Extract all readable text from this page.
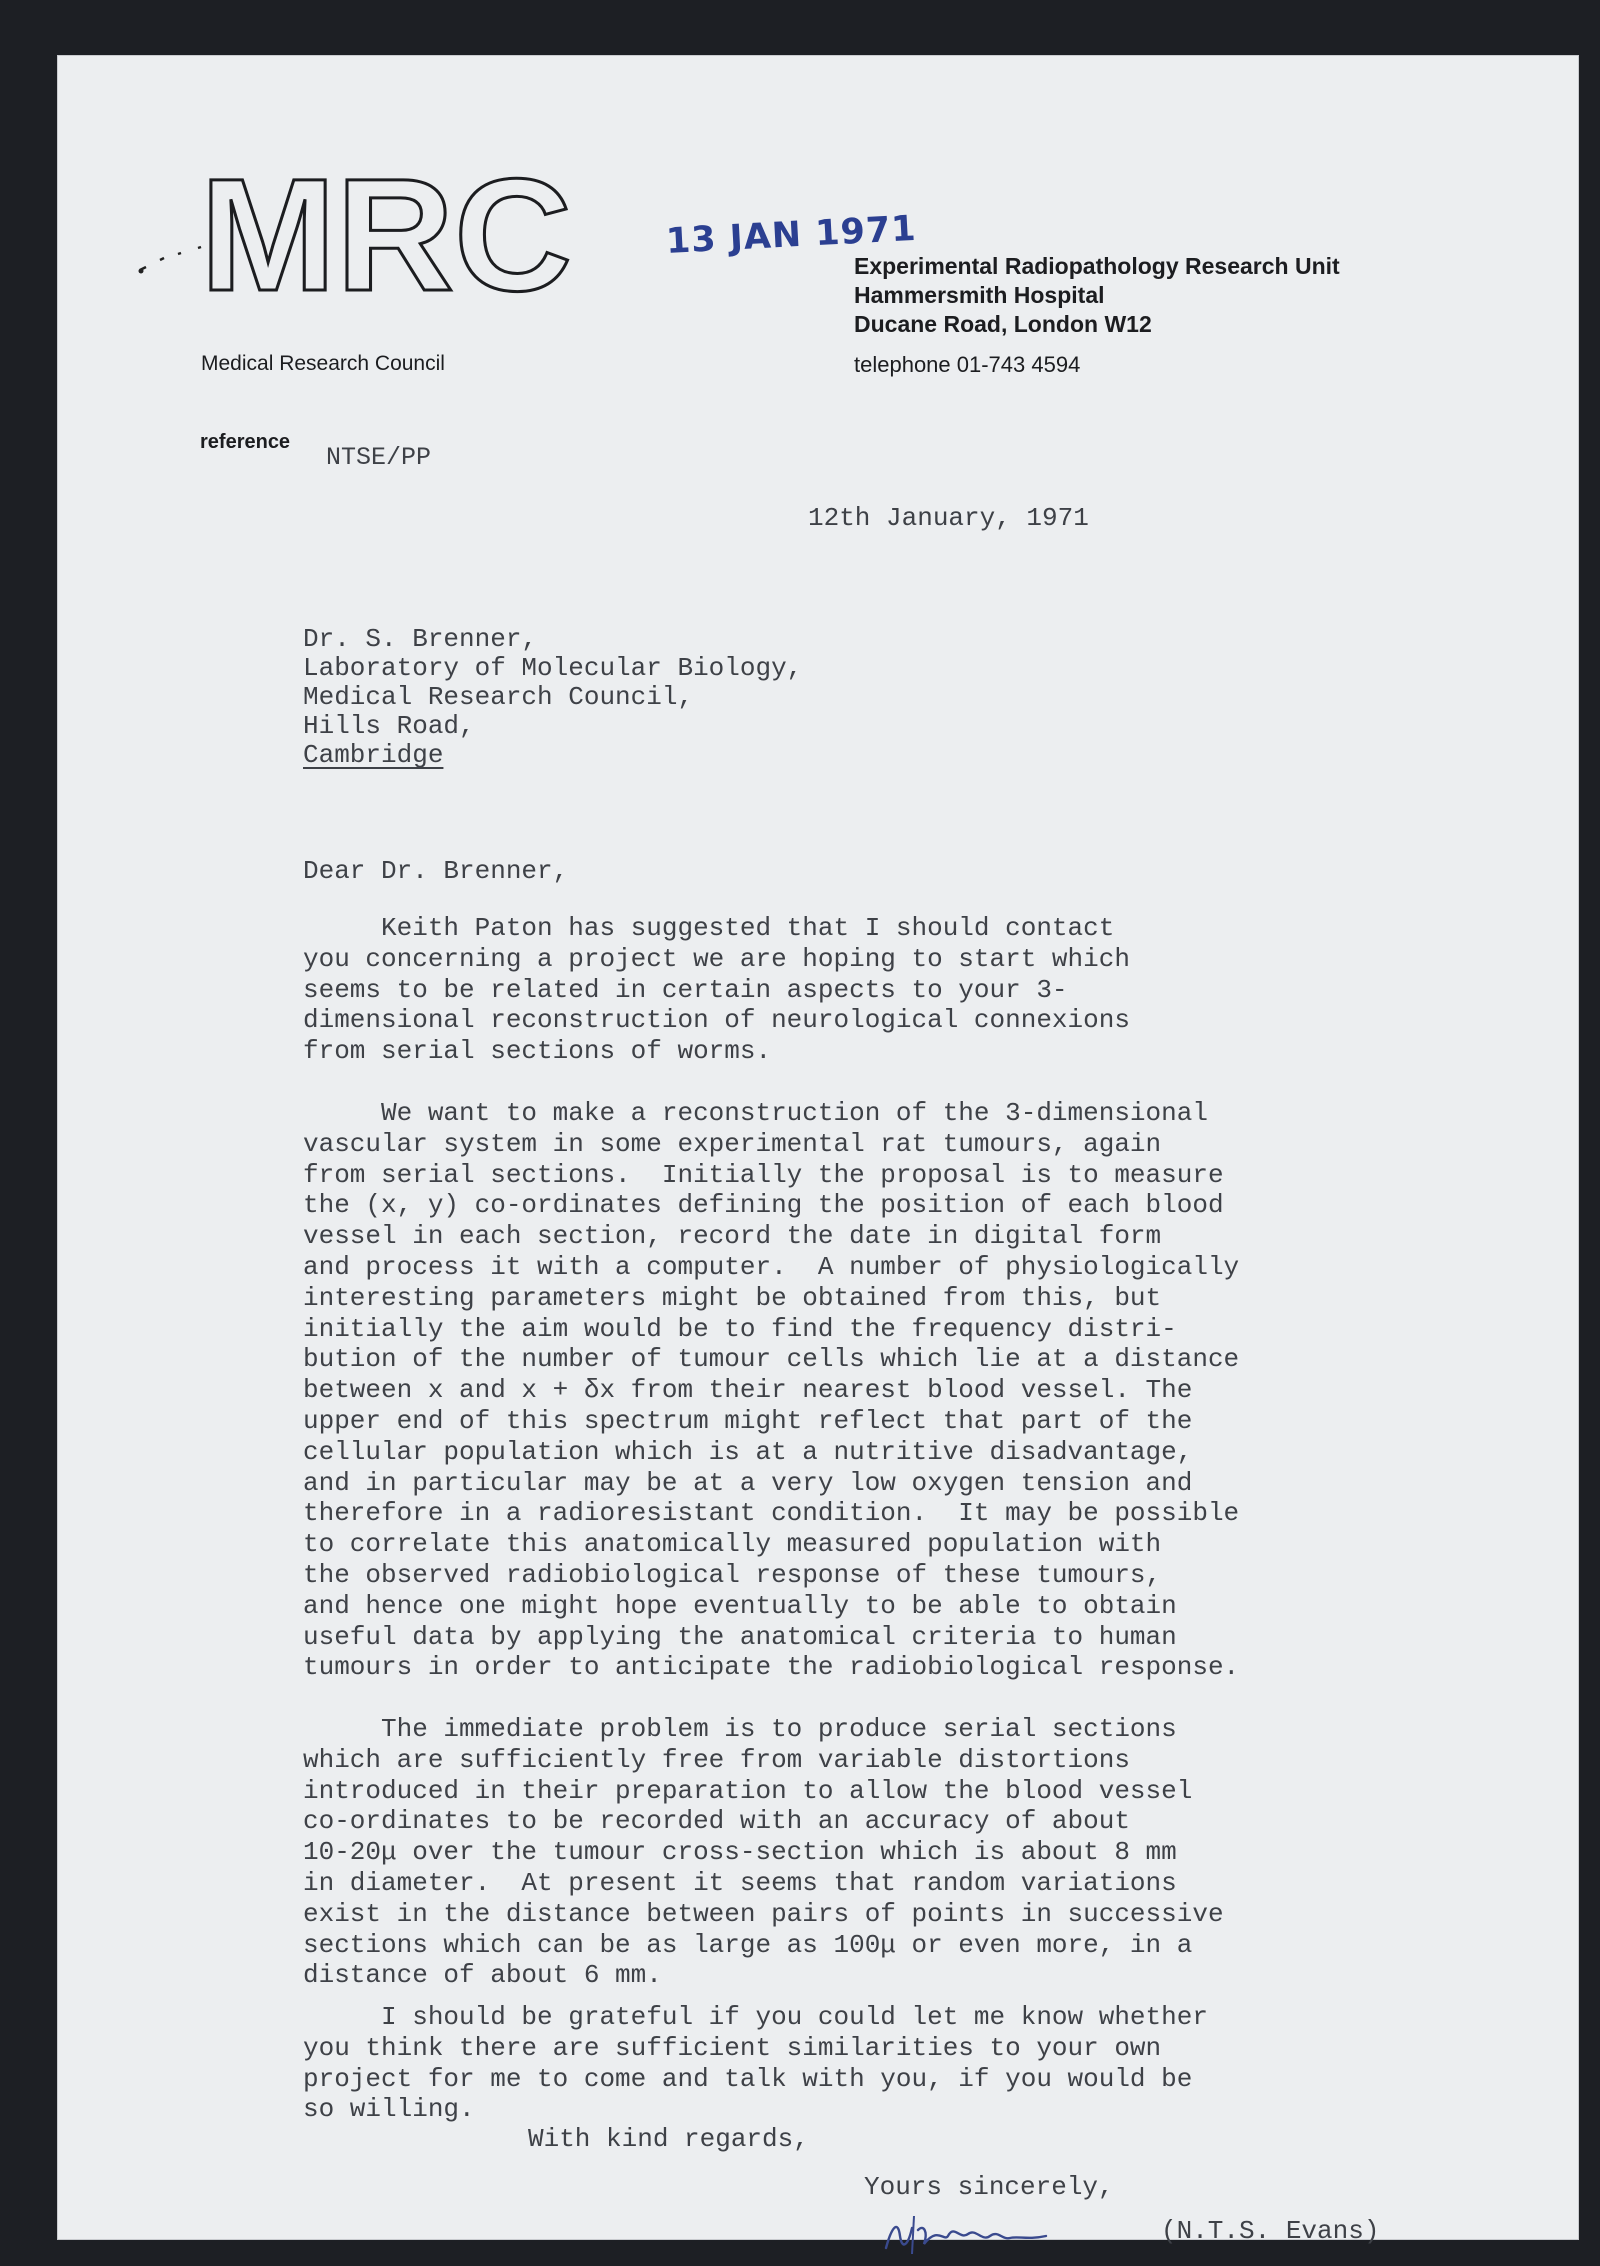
MRC
Medical Research Council
13 JAN 1971
Experimental Radiopathology Research Unit
Hammersmith Hospital
Ducane Road, London W12
telephone 01-743 4594
reference
NTSE/PP
12th January, 1971
Dr. S. Brenner,
Laboratory of Molecular Biology,
Medical Research Council,
Hills Road,
Cambridge
Dear Dr. Brenner,
Keith Paton has suggested that I should contact
you concerning a project we are hoping to start which
seems to be related in certain aspects to your 3-
dimensional reconstruction of neurological connexions
from serial sections of worms.
We want to make a reconstruction of the 3-dimensional
vascular system in some experimental rat tumours, again
from serial sections.  Initially the proposal is to measure
the (x, y) co-ordinates defining the position of each blood
vessel in each section, record the date in digital form
and process it with a computer.  A number of physiologically
interesting parameters might be obtained from this, but
initially the aim would be to find the frequency distri-
bution of the number of tumour cells which lie at a distance
between x and x + δx from their nearest blood vessel. The
upper end of this spectrum might reflect that part of the
cellular population which is at a nutritive disadvantage,
and in particular may be at a very low oxygen tension and
therefore in a radioresistant condition.  It may be possible
to correlate this anatomically measured population with
the observed radiobiological response of these tumours,
and hence one might hope eventually to be able to obtain
useful data by applying the anatomical criteria to human
tumours in order to anticipate the radiobiological response.
The immediate problem is to produce serial sections
which are sufficiently free from variable distortions
introduced in their preparation to allow the blood vessel
co-ordinates to be recorded with an accuracy of about
10-20μ over the tumour cross-section which is about 8 mm
in diameter.  At present it seems that random variations
exist in the distance between pairs of points in successive
sections which can be as large as 100μ or even more, in a
distance of about 6 mm.
I should be grateful if you could let me know whether
you think there are sufficient similarities to your own
project for me to come and talk with you, if you would be
so willing.
With kind regards,
Yours sincerely,
(N.T.S. Evans)
